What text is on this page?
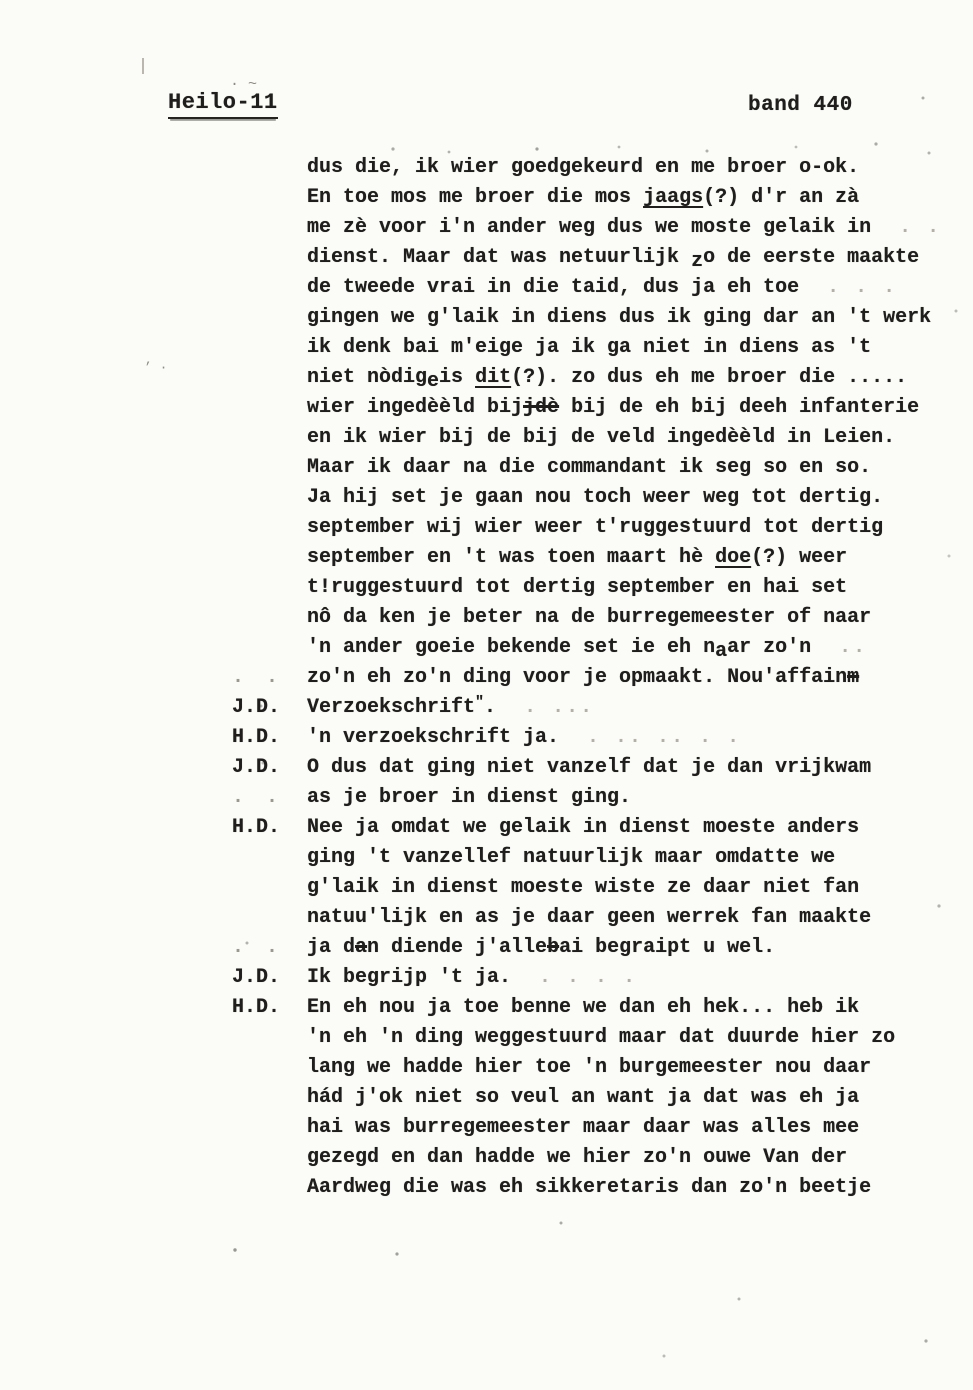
Heilo-11	band 440
· ~
’ ·
dus die, ik wier goedgekeurd en me broer o-ok.
En toe mos me broer die mos jaags(?) d'r an zà
me zè voor i'n ander weg dus we moste gelaik in  . .
dienst. Maar dat was netuurlijk zo de eerste maakte
de tweede vrai in die taid, dus ja eh toe  . . .
gingen we g'laik in diens dus ik ging dar an 't werk
ik denk bai m'eige ja ik ga niet in diens as 't
niet nòdigeis dit(?). zo dus eh me broer die .....
wier ingedèèld bijjdè bij de eh bij deeh infanterie
en ik wier bij de bij de veld ingedèèld in Leien.
Maar ik daar na die commandant ik seg so en so.
Ja hij set je gaan nou toch weer weg tot dertig.
september wij wier weer t'ruggestuurd tot dertig
september en 't was toen maart hè doe(?) weer
t!ruggestuurd tot dertig september en hai set
nô da ken je beter na de burregemeester of naar
'n ander goeie bekende set ie eh naar zo'n  ..
. .	zo'n eh zo'n ding voor je opmaakt. Nou'affainm
J.D.	Verzoekschrift".  . ...
H.D.	'n verzoekschrift ja.  . .. .. . .
J.D.	O dus dat ging niet vanzelf dat je dan vrijkwam
. .	as je broer in dienst ging.
H.D.	Nee ja omdat we gelaik in dienst moeste anders
ging 't vanzellef natuurlijk maar omdatte we
g'laik in dienst moeste wiste ze daar niet fan
natuu'lijk en as je daar geen werrek fan maakte
. .	ja dan diende j'allebai begraipt u wel.
J.D.	Ik begrijp 't ja.  . . . .
H.D.	En eh nou ja toe benne we dan eh hek... heb ik
'n eh 'n ding weggestuurd maar dat duurde hier zo
lang we hadde hier toe 'n burgemeester nou daar
hád j'ok niet so veul an want ja dat was eh ja
hai was burregemeester maar daar was alles mee
gezegd en dan hadde we hier zo'n ouwe Van der
Aardweg die was eh sikkeretaris dan zo'n beetje
